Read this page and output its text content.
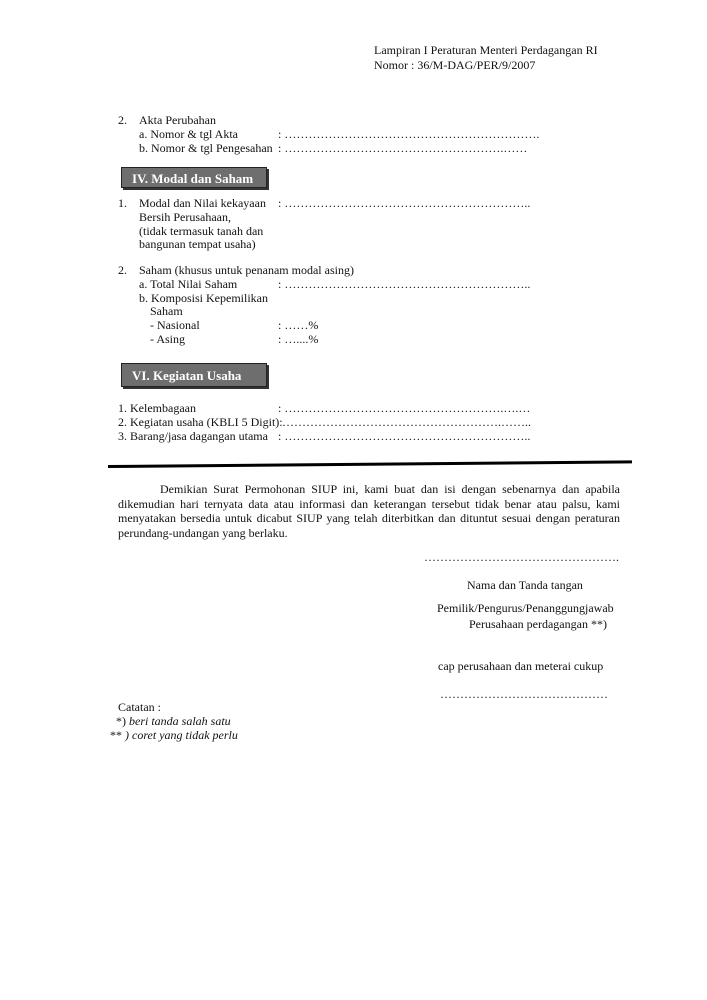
Lampiran I Peraturan Menteri Perdagangan RI
Nomor : 36/M-DAG/PER/9/2007
2. Akta Perubahan
a. Nomor & tgl Akta	: ……………………………………………………….
b. Nomor & tgl Pengesahan : ……………………………………………….……
IV. Modal dan Saham
1. Modal dan Nilai kekayaan
Bersih Perusahaan,
(tidak termasuk tanah dan
bangunan tempat usaha)
: ……………………………………………………..
2. Saham (khusus untuk penanam modal asing)
a. Total Nilai Saham	: ……………………………………………………..
b. Komposisi Kepemilikan
Saham
- Nasional	: ……%
- Asing	: …....%
VI. Kegiatan Usaha
1. Kelembagaan	: ……………………………………………….….…
2. Kegiatan usaha (KBLI 5 Digit): ……………………………………………….……..
3. Barang/jasa dagangan utama : ……………………………………………………..
Demikian Surat Permohonan SIUP ini, kami buat dan isi dengan sebenarnya dan apabila dikemudian hari ternyata data atau informasi dan keterangan tersebut tidak benar atau palsu, kami menyatakan bersedia untuk dicabut SIUP yang telah diterbitkan dan dituntut sesuai dengan peraturan perundang-undangan yang berlaku.
………………………………………….
Nama dan Tanda tangan
Pemilik/Pengurus/Penanggungjawab
Perusahaan perdagangan **)
cap perusahaan dan meterai cukup
……………………………………
Catatan :
*) beri tanda salah satu
** ) coret yang tidak perlu
